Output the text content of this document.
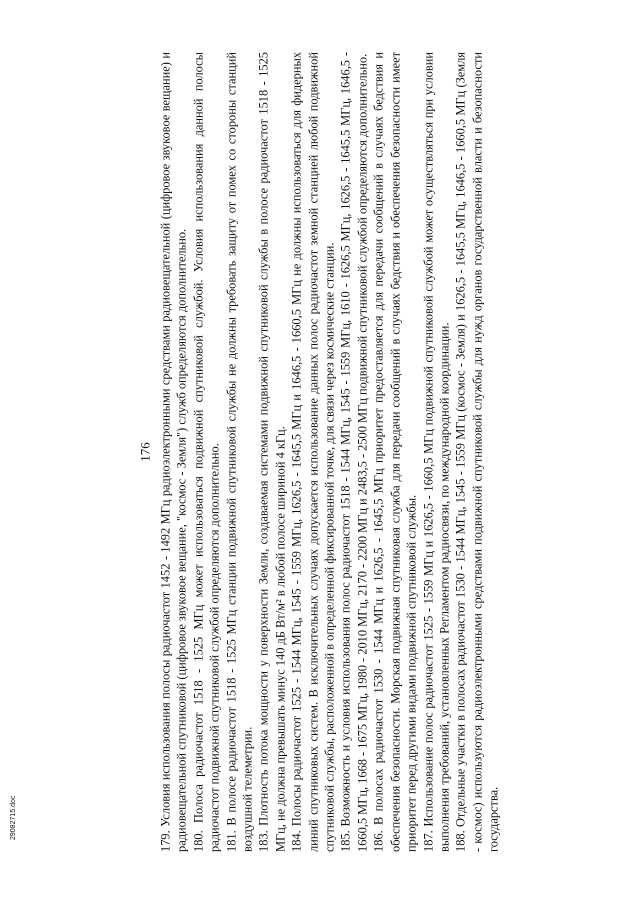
176 179. Условия использования полосы радиочастот 1452 - 1492 МГц радиоэлектронными средствами радиовещательной (цифровое звуковое вещание) и радиовещательной спутниковой (цифровое звуковое вещание, "космос - Земля") служб определяются дополнительно. 180. Полоса радиочастот 1518 - 1525 МГц может использоваться подвижной спутниковой службой. Условия использования данной полосы радиочастот подвижной спутниковой службой определяются дополнительно. 181. В полосе радиочастот 1518 - 1525 МГц станции подвижной спутниковой службы не должны требовать защиту от помех со стороны станций воздушной телеметрии. 183. Плотность потока мощности у поверхности Земли, создаваемая системами подвижной спутниковой службы в полосе радиочастот 1518 - 1525 МГц, не должна превышать минус 140 дБ Вт/м² в любой полосе шириной 4 кГц. 184. Полосы радиочастот 1525 - 1544 МГц, 1545 - 1559 МГц, 1626,5 - 1645,5 МГц и 1646,5 - 1660,5 МГц не должны использоваться для фидерных линий спутниковых систем. В исключительных случаях допускается использование данных полос радиочастот земной станцией любой подвижной спутниковой службы, расположенной в определенной фиксированной точке, для связи через космические станции. 185. Возможность и условия использования полос радиочастот 1518 - 1544 МГц, 1545 - 1559 МГц, 1610 - 1626,5 МГц, 1626,5 - 1645,5 МГц, 1646,5 - 1660,5 МГц, 1668 - 1675 МГц, 1980 - 2010 МГц, 2170 - 2200 МГц и 2483,5 - 2500 МГц подвижной спутниковой службой определяются дополнительно. 186. В полосах радиочастот 1530 - 1544 МГц и 1626,5 - 1645,5 МГц приоритет предоставляется для передачи сообщений в случаях бедствия и обеспечения безопасности. Морская подвижная спутниковая служба для передачи сообщений в случаях бедствия и обеспечения безопасности имеет приоритет перед другими видами подвижной спутниковой службы. 187. Использование полос радиочастот 1525 - 1559 МГц и 1626,5 - 1660,5 МГц подвижной спутниковой службой может осуществляться при условии выполнения требований, установленных Регламентом радиосвязи, по международной координации. 188. Отдельные участки в полосах радиочастот 1530 - 1544 МГц, 1545 - 1559 МГц (космос - Земля) и 1626,5 - 1645,5 МГц, 1646,5 - 1660,5 МГц (Земля - космос) используются радиоэлектронными средствами подвижной спутниковой службы для нужд органов государственной власти и безопасности государства.

29082715.doc
